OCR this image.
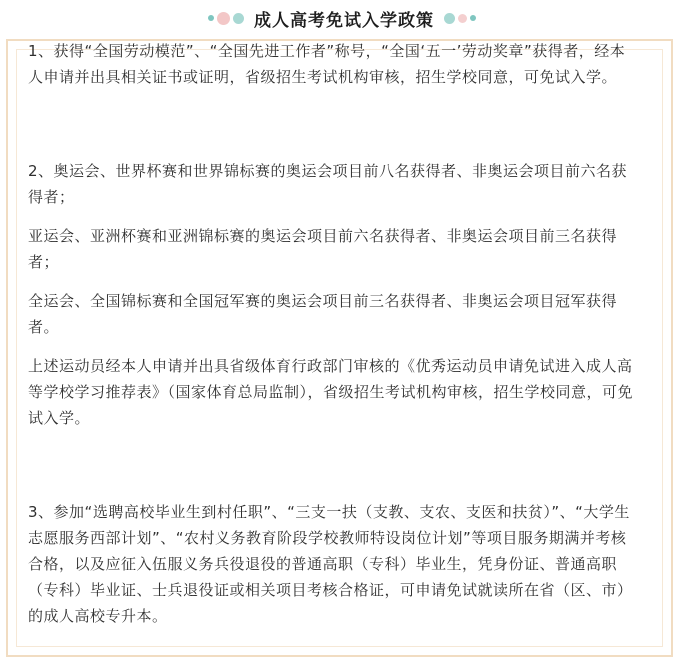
成人高考免试入学政策

1、获得“全国劳动模范”、“全国先进工作者”称号，“全国‘五一’劳动奖章”获得者，经本人申请并出具相关证书或证明，省级招生考试机构审核，招生学校同意，可免试入学。

2、奥运会、世界杯赛和世界锦标赛的奥运会项目前八名获得者、非奥运会项目前六名获得者；

亚运会、亚洲杯赛和亚洲锦标赛的奥运会项目前六名获得者、非奥运会项目前三名获得者；

全运会、全国锦标赛和全国冠军赛的奥运会项目前三名获得者、非奥运会项目冠军获得者。

上述运动员经本人申请并出具省级体育行政部门审核的《优秀运动员申请免试进入成人高等学校学习推荐表》（国家体育总局监制），省级招生考试机构审核，招生学校同意，可免试入学。

3、参加“选聘高校毕业生到村任职”、“三支一扶（支教、支农、支医和扶贫）”、“大学生志愿服务西部计划”、“农村义务教育阶段学校教师特设岗位计划”等项目服务期满并考核合格，以及应征入伍服义务兵役退役的普通高职（专科）毕业生，凭身份证、普通高职（专科）毕业证、士兵退役证或相关项目考核合格证，可申请免试就读所在省（区、市）的成人高校专升本。
